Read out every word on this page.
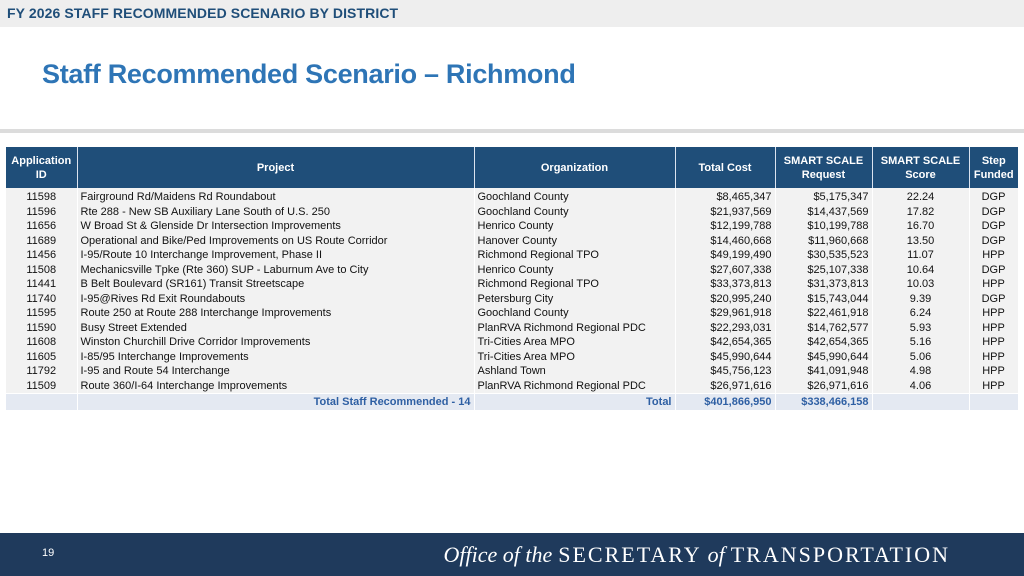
FY 2026 STAFF RECOMMENDED SCENARIO BY DISTRICT
Staff Recommended Scenario – Richmond
Application ID	Project	Organization	Total Cost	SMART SCALE Request	SMART SCALE Score	Step Funded
11598	Fairground Rd/Maidens Rd Roundabout	Goochland County	$8,465,347	$5,175,347	22.24	DGP
11596	Rte 288 - New SB Auxiliary Lane South of U.S. 250	Goochland County	$21,937,569	$14,437,569	17.82	DGP
11656	W Broad St & Glenside Dr Intersection Improvements	Henrico County	$12,199,788	$10,199,788	16.70	DGP
11689	Operational and Bike/Ped Improvements on US Route Corridor	Hanover County	$14,460,668	$11,960,668	13.50	DGP
11456	I-95/Route 10 Interchange Improvement, Phase II	Richmond Regional TPO	$49,199,490	$30,535,523	11.07	HPP
11508	Mechanicsville Tpke (Rte 360) SUP - Laburnum Ave to City	Henrico County	$27,607,338	$25,107,338	10.64	DGP
11441	B Belt Boulevard (SR161) Transit Streetscape	Richmond Regional TPO	$33,373,813	$31,373,813	10.03	HPP
11740	I-95@Rives Rd Exit Roundabouts	Petersburg City	$20,995,240	$15,743,044	9.39	DGP
11595	Route 250 at Route 288 Interchange Improvements	Goochland County	$29,961,918	$22,461,918	6.24	HPP
11590	Busy Street Extended	PlanRVA Richmond Regional PDC	$22,293,031	$14,762,577	5.93	HPP
11608	Winston Churchill Drive Corridor Improvements	Tri-Cities Area MPO	$42,654,365	$42,654,365	5.16	HPP
11605	I-85/95 Interchange Improvements	Tri-Cities Area MPO	$45,990,644	$45,990,644	5.06	HPP
11792	I-95 and Route 54 Interchange	Ashland Town	$45,756,123	$41,091,948	4.98	HPP
11509	Route 360/I-64 Interchange Improvements	PlanRVA Richmond Regional PDC	$26,971,616	$26,971,616	4.06	HPP
	Total Staff Recommended - 14	Total	$401,866,950	$338,466,158		
19	Office of the SECRETARY of TRANSPORTATION
